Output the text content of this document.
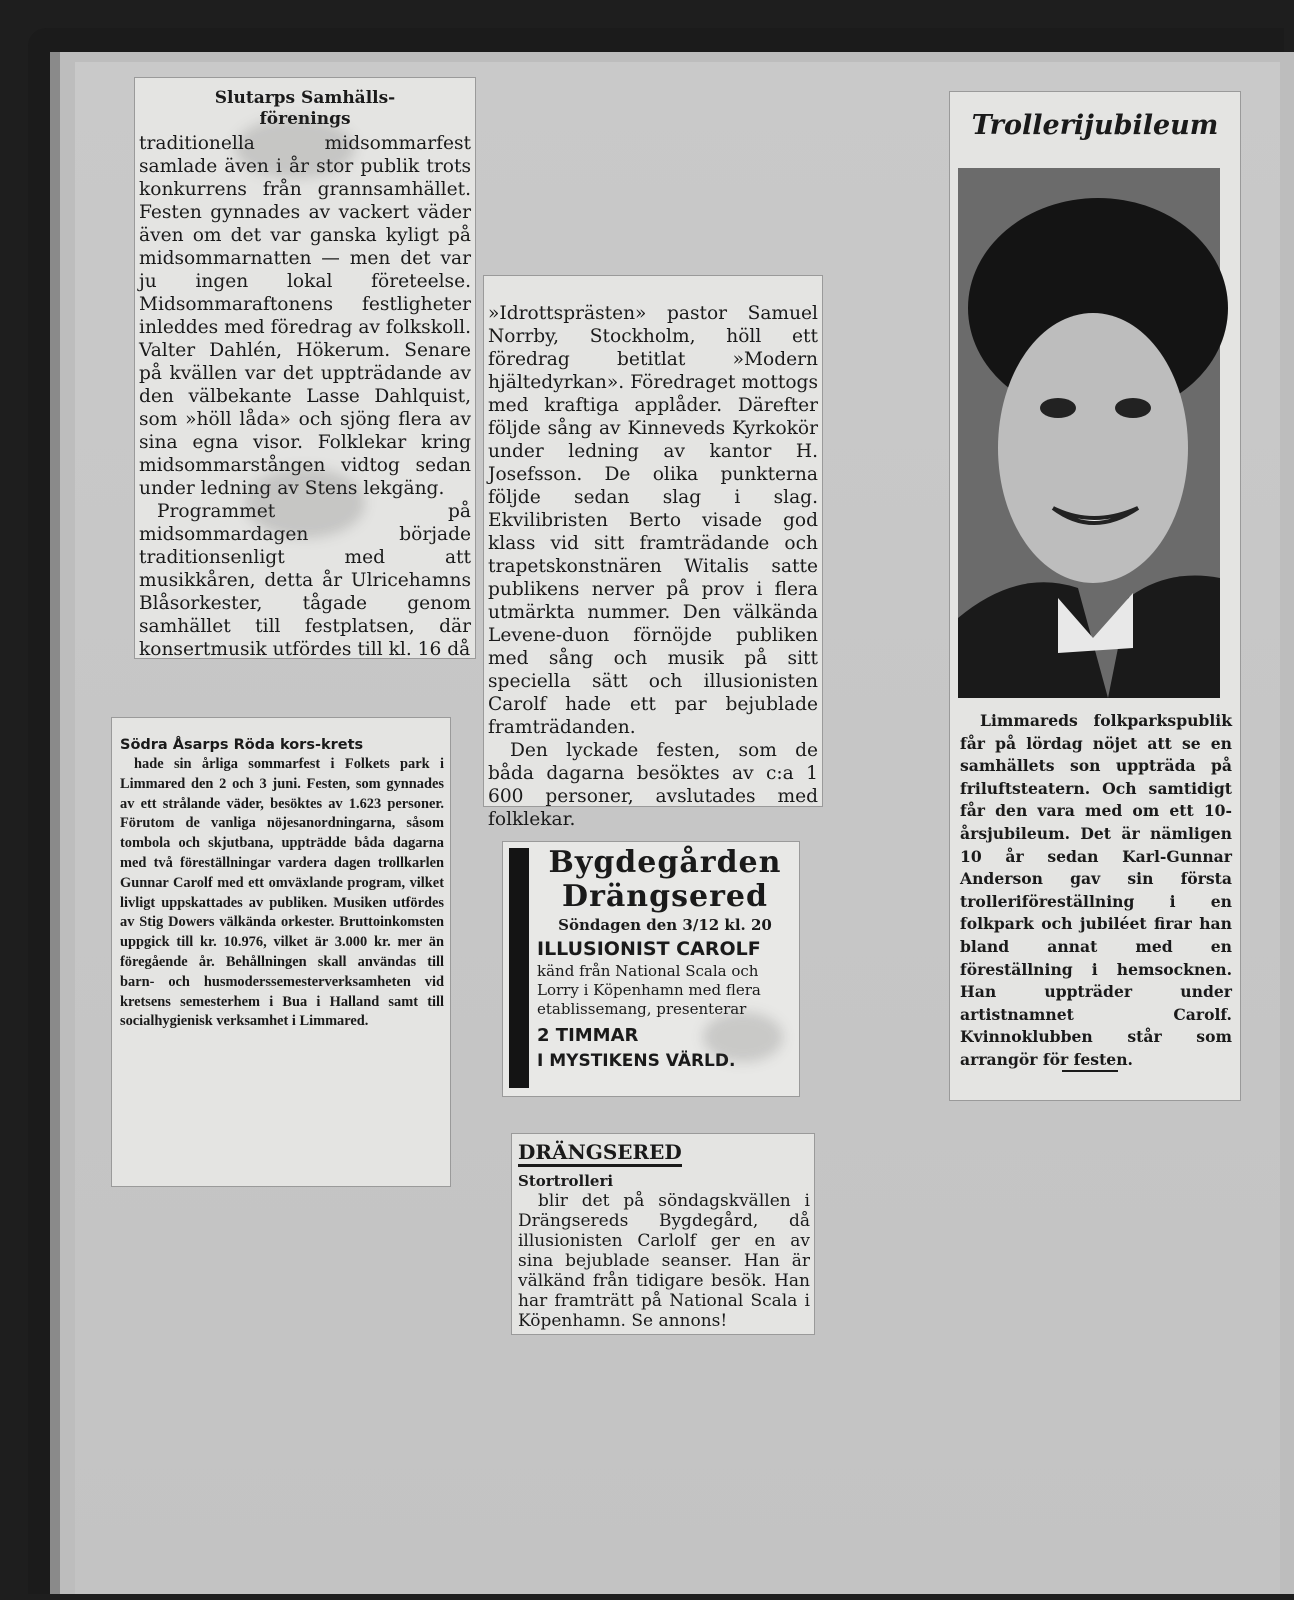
Slutarps Samhälls-
förenings

traditionella midsommarfest samlade även i år stor publik trots konkurrens från grannsamhället. Festen gynnades av vackert väder även om det var ganska kyligt på midsommarnatten — men det var ju ingen lokal företeelse. Midsommaraftonens festligheter inleddes med föredrag av folkskoll. Valter Dahlén, Hökerum. Senare på kvällen var det uppträdande av den välbekante Lasse Dahlquist, som »höll låda» och sjöng flera av sina egna visor. Folklekar kring midsommarstången vidtog sedan under ledning av Stens lekgäng.

Programmet på midsommardagen började traditionsenligt med att musikkåren, detta år Ulricehamns Blåsorkester, tågade genom samhället till festplatsen, där konsertmusik utfördes till kl. 16 då

»Idrottsprästen» pastor Samuel Norrby, Stockholm, höll ett föredrag betitlat »Modern hjältedyrkan». Föredraget mottogs med kraftiga applåder. Därefter följde sång av Kinneveds Kyrkokör under ledning av kantor H. Josefsson. De olika punkterna följde sedan slag i slag. Ekvilibristen Berto visade god klass vid sitt framträdande och trapetskonstnären Witalis satte publikens nerver på prov i flera utmärkta nummer. Den välkända Levene-duon förnöjde publiken med sång och musik på sitt speciella sätt och illusionisten Carolf hade ett par bejublade framträdanden.

Den lyckade festen, som de båda dagarna besöktes av c:a 1 600 personer, avslutades med folklekar.

Södra Åsarps Röda kors-krets

hade sin årliga sommarfest i Folkets park i Limmared den 2 och 3 juni. Festen, som gynnades av ett strålande väder, besöktes av 1.623 personer. Förutom de vanliga nöjesanordningarna, såsom tombola och skjutbana, uppträdde båda dagarna med två föreställningar vardera dagen trollkarlen Gunnar Carolf med ett omväxlande program, vilket livligt uppskattades av publiken. Musiken utfördes av Stig Dowers välkända orkester. Bruttoinkomsten uppgick till kr. 10.976, vilket är 3.000 kr. mer än föregående år. Behållningen skall användas till barn- och husmoderssemesterverksamheten vid kretsens semesterhem i Bua i Halland samt till socialhygienisk verksamhet i Limmared.

Bygdegården
Drängsered
Söndagen den 3/12 kl. 20
ILLUSIONIST CAROLF
känd från National Scala och Lorry i Köpenhamn med flera etablissemang, presenterar
2 TIMMAR
I MYSTIKENS VÄRLD.
DRÄNGSERED
Stortrolleri

blir det på söndagskvällen i Drängsereds Bygdegård, då illusionisten Carlolf ger en av sina bejublade seanser. Han är välkänd från tidigare besök. Han har framträtt på National Scala i Köpenhamn. Se annons!

Trollerijubileum

Limmareds folkparkspublik får på lördag nöjet att se en samhällets son uppträda på friluftsteatern. Och samtidigt får den vara med om ett 10-årsjubileum. Det är nämligen 10 år sedan Karl-Gunnar Anderson gav sin första trolleriföreställning i en folkpark och jubiléet firar han bland annat med en föreställning i hemsocknen. Han uppträder under artistnamnet Carolf. Kvinnoklubben står som arrangör för festen.
